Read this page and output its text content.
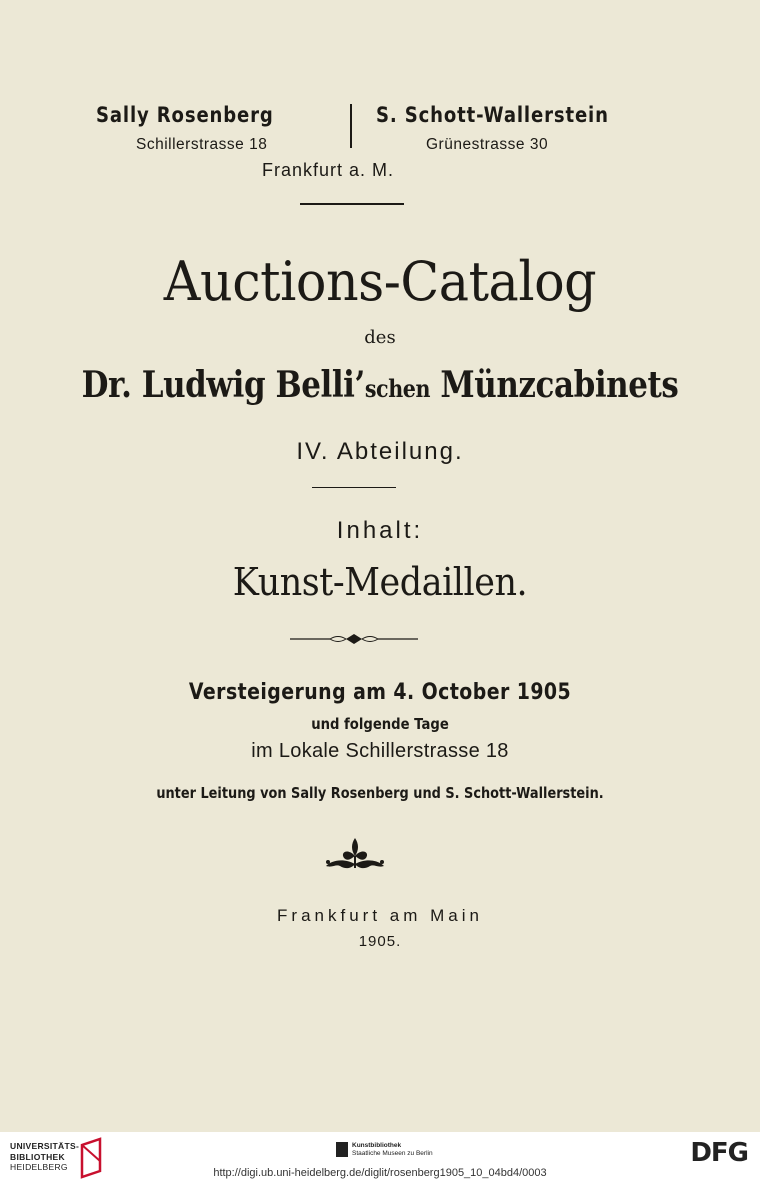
Sally Rosenberg
Schillerstrasse 18
S. Schott-Wallerstein
Grünestrasse 30
Frankfurt a. M.
Auctions-Catalog
des
Dr. Ludwig Belli’schen Münzcabinets
IV. Abteilung.
Inhalt:
Kunst-Medaillen.
Versteigerung am 4. October 1905
und folgende Tage
im Lokale Schillerstrasse 18
unter Leitung von Sally Rosenberg und S. Schott-Wallerstein.
Frankfurt am Main
1905.
UNIVERSITÄTS-
BIBLIOTHEK
HEIDELBERG
Kunstbibliothek
Staatliche Museen zu Berlin
http://digi.ub.uni-heidelberg.de/diglit/rosenberg1905_10_04bd4/0003
DFG
